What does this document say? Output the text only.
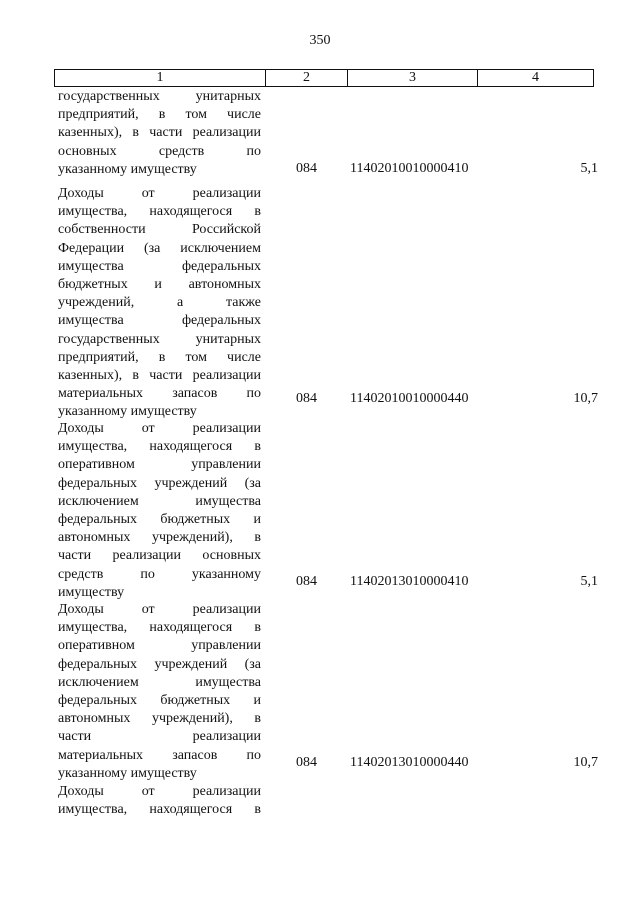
350
1	2	3	4
государственных унитарных
предприятий, в том числе
казенных), в части реализации
основных средств по
указанному имуществу	084 11402010010000410	5,1
Доходы от реализации
имущества, находящегося в
собственности Российской
Федерации (за исключением
имущества федеральных
бюджетных и автономных
учреждений, а также
имущества федеральных
государственных унитарных
предприятий, в том числе
казенных), в части реализации
материальных запасов по
указанному имуществу
084 11402010010000440	10,7
Доходы от реализации
имущества, находящегося в
оперативном управлении
федеральных учреждений (за
исключением имущества
федеральных бюджетных и
автономных учреждений), в
части реализации основных
средств по указанному
имуществу
084 11402013010000410	5,1
Доходы от реализации
имущества, находящегося в
оперативном управлении
федеральных учреждений (за
исключением имущества
федеральных бюджетных и
автономных учреждений), в
части реализации
материальных запасов по
указанному имуществу
084 11402013010000440	10,7
Доходы от реализации
имущества, находящегося в
